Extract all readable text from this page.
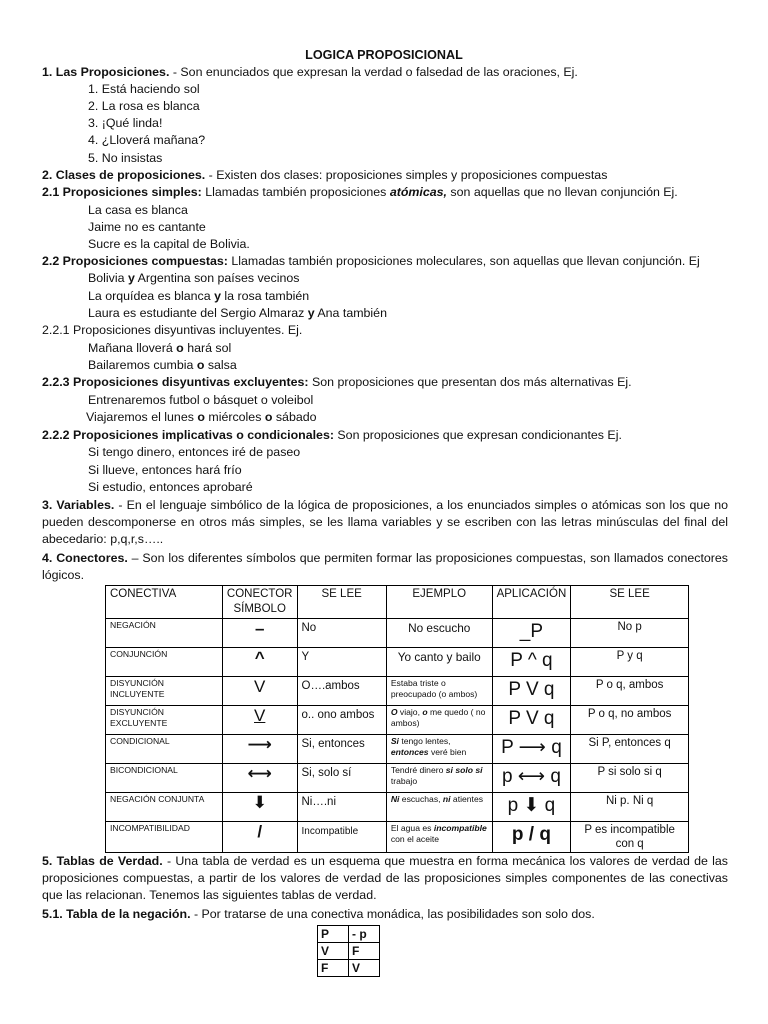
LOGICA PROPOSICIONAL
1. Las Proposiciones. - Son enunciados que expresan la verdad o falsedad de las oraciones, Ej.
1. Está haciendo sol
2. La rosa es blanca
3. ¡Qué linda!
4. ¿Lloverá mañana?
5. No insistas
2. Clases de proposiciones. - Existen dos clases: proposiciones simples y proposiciones compuestas
2.1 Proposiciones simples: Llamadas también proposiciones atómicas, son aquellas que no llevan conjunción Ej.
La casa es blanca
Jaime no es cantante
Sucre es la capital de Bolivia.
2.2 Proposiciones compuestas: Llamadas también proposiciones moleculares, son aquellas que llevan conjunción. Ej
Bolivia y Argentina son países vecinos
La orquídea es blanca y la rosa también
Laura es estudiante del Sergio Almaraz y Ana también
2.2.1 Proposiciones disyuntivas incluyentes. Ej.
Mañana lloverá o hará sol
Bailaremos cumbia o salsa
2.2.3 Proposiciones disyuntivas excluyentes: Son proposiciones que presentan dos más alternativas Ej.
Entrenaremos futbol o básquet o voleibol
Viajaremos el lunes o miércoles o sábado
2.2.2 Proposiciones implicativas o condicionales: Son proposiciones que expresan condicionantes Ej.
Si tengo dinero, entonces iré de paseo
Si llueve, entonces hará frío
Si estudio, entonces aprobaré
3. Variables. - En el lenguaje simbólico de la lógica de proposiciones, a los enunciados simples o atómicas son los que no pueden descomponerse en otros más simples, se les llama variables y se escriben con las letras minúsculas del final del abecedario: p,q,r,s…..
4. Conectores. – Son los diferentes símbolos que permiten formar las proposiciones compuestas, son llamados conectores lógicos.
CONECTIVA	CONECTOR SÍMBOLO	SE LEE	EJEMPLO	APLICACIÓN	SE LEE
NEGACIÓN	–	No	No escucho	_P	No p
CONJUNCIÓN	^	Y	Yo canto y bailo	P ^ q	P y q
DISYUNCIÓN INCLUYENTE	V	O….ambos	Estaba triste o preocupado (o ambos)	P V q	P o q, ambos
DISYUNCIÓN EXCLUYENTE	V	o.. ono ambos	O viajo, o me quedo ( no ambos)	P V q	P o q, no ambos
CONDICIONAL	⟶	Si, entonces	Si tengo lentes, entonces veré bien	P ⟶ q	Si P, entonces q
BICONDICIONAL	⟷	Si, solo sí	Tendré dinero si solo si trabajo	p ⟷ q	P si solo si q
NEGACIÓN CONJUNTA	⬇	Ni….ni	Ni escuchas, ni atientes	p ⬇ q	Ni p. Ni q
INCOMPATIBILIDAD	/	Incompatible	El agua es incompatible con el aceite	p / q	P es incompatible con q
5. Tablas de Verdad. - Una tabla de verdad es un esquema que muestra en forma mecánica los valores de verdad de las proposiciones compuestas, a partir de los valores de verdad de las proposiciones simples componentes de las conectivas que las relacionan. Tenemos las siguientes tablas de verdad.
5.1. Tabla de la negación. - Por tratarse de una conectiva monádica, las posibilidades son solo dos.
P	- p
V	F
F	V
